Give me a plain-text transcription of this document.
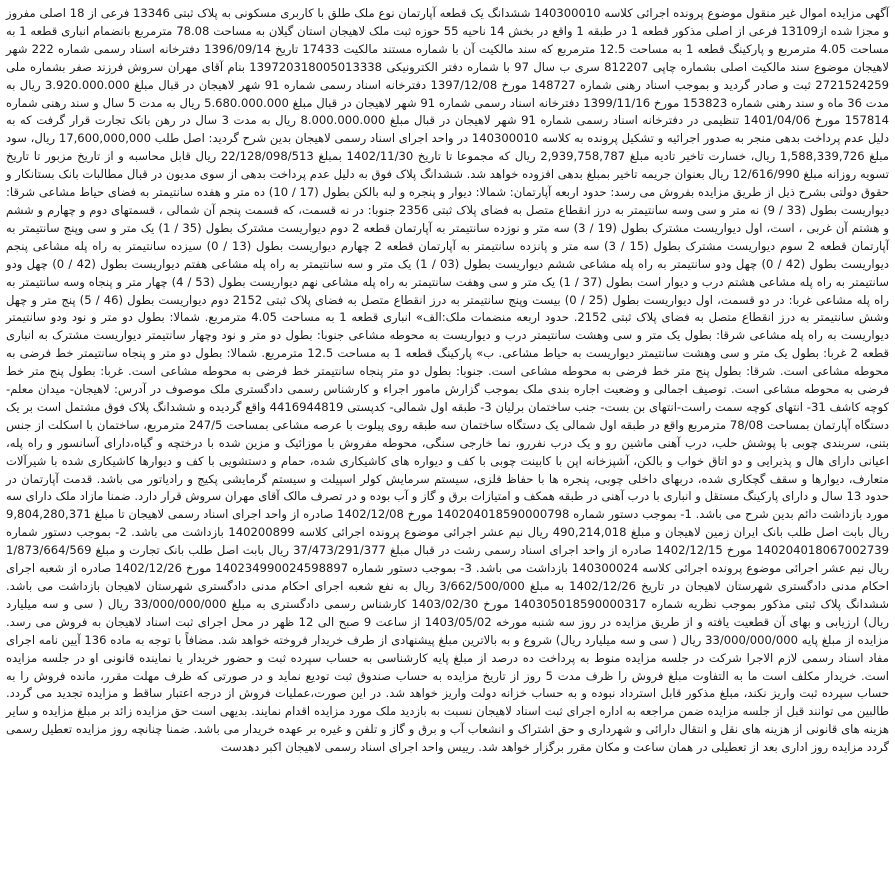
آگهی مزایده اموال غیر منقول موضوع پرونده اجرائی کلاسه 140300010 ششدانگ یک قطعه آپارتمان نوع ملک طلق با کاربری مسکونی به پلاک ثبتی 13346 فرعی از 18 اصلی مفروز و مجزا شده از13109 فرعی از اصلی مذکور قطعه 1 در طبقه 1 واقع در بخش 14 ناحیه 55 حوزه ثبت ملک لاهیجان استان گیلان به مساحت 78.08 مترمربع بانضمام انباری قطعه 1 به مساحت 4.05 مترمربع و پارکینگ قطعه 1 به مساحت 12.5 مترمربع که سند مالکیت آن با شماره مستند مالکیت 17433 تاریخ 1396/09/14 دفترخانه اسناد رسمی شماره 222 شهر لاهیجان موضوع سند مالکیت اصلی بشماره چاپی 812207 سری ب سال 97 با شماره دفتر الکترونیکی 139720318005013338 بنام آقای مهران سروش فرزند صفر بشماره ملی 2721524259 ثبت و صادر گردید و بموجب اسناد رهنی شماره 148727 مورخ 1397/12/08 دفترخانه اسناد رسمی شماره 91 شهر لاهیجان در قبال مبلغ 3.920.000.000 ریال به مدت 36 ماه و سند رهنی شماره 153823 مورخ 1399/11/16 دفترخانه اسناد رسمی شماره 91 شهر لاهیجان در قبال مبلغ 5.680.000.000 ریال به مدت 5 سال و سند رهنی شماره 157814 مورخ 1401/04/06 تنظیمی در دفترخانه اسناد رسمی شماره 91 شهر لاهیجان در قبال مبلغ 8.000.000.000 ریال به مدت 3 سال در رهن بانک تجارت قرار گرفت که به دلیل عدم پرداخت بدهی منجر به صدور اجرائیه و تشکیل پرونده به کلاسه 140300010 در واحد اجرای اسناد رسمی لاهیجان بدین شرح گردید: اصل طلب 17,600,000,000 ریال، سود مبلغ 1,588,339,726 ریال، خسارت تاخیر تادیه مبلغ 2,939,758,787 ریال که مجموعا تا تاریخ 1402/11/30 بمبلغ 22/128/098/513 ریال قابل محاسبه و از تاریخ مزبور تا تاریخ تسویه روزانه مبلغ 12/616/990 ریال بعنوان جریمه تاخیر بمبلغ بدهی افزوده خواهد شد. ششدانگ پلاک فوق به دلیل عدم پرداخت بدهی از سوی مدیون در قبال مطالبات بانک بستانکار و حقوق دولتی بشرح ذیل از طریق مزایده بفروش می رسد: حدود اربعه آپارتمان: شمالا: دیوار و پنجره و لبه بالکن بطول (17 / 10) ده متر و هفده سانتیمتر به فضای حیاط مشاعی شرقا: دیواریست بطول (33 / 9) نه متر و سی وسه سانتیمتر به درز انقطاع متصل به فضای پلاک ثبتی 2356 جنوبا: در نه قسمت، که قسمت پنجم آن شمالی ، قسمتهای دوم و چهارم و ششم و هشتم آن غربی ، است، اول دیواریست مشترک بطول (19 / 3) سه متر و نوزده سانتیمتر به آپارتمان قطعه 2 دوم دیواریست مشترک بطول (35 / 1) یک متر و سی وپنج سانتیمتر به آپارتمان قطعه 2 سوم دیواریست مشترک بطول (15 / 3) سه متر و پانزده سانتیمتر به آپارتمان قطعه 2 چهارم دیواریست بطول (13 / 0) سیزده سانتیمتر به راه پله مشاعی پنجم دیواریست بطول (42 / 0) چهل ودو سانتیمتر به راه پله مشاعی ششم دیواریست بطول (03 / 1) یک متر و سه سانتیمتر به راه پله مشاعی هفتم دیواریست بطول (42 / 0) چهل ودو سانتیمتر به راه پله مشاعی هشتم درب و دیوار است بطول (37 / 1) یک متر و سی وهفت سانتیمتر به راه پله مشاعی نهم دیواریست بطول (53 / 4) چهار متر و پنجاه وسه سانتیمتر به راه پله مشاعی غربا: در دو قسمت، اول دیواریست بطول (25 / 0) بیست وپنج سانتیمتر به درز انقطاع متصل به فضای پلاک ثبتی 2152 دوم دیواریست بطول (46 / 5) پنج متر و چهل وشش سانتیمتر به درز انقطاع متصل به فضای پلاک ثبتی 2152. حدود اربعه منضمات ملک:الف» انباری قطعه 1 به مساحت 4.05 مترمربع. شمالا: بطول دو متر و نود ودو سانتیمتر دیواریست به راه پله مشاعی شرقا: بطول یک متر و سی وهشت سانتیمتر درب و دیواریست به محوطه مشاعی جنوبا: بطول دو متر و نود وچهار سانتیمتر دیواریست مشترک به انباری قطعه 2 غربا: بطول یک متر و سی وهشت سانتیمتر دیواریست به حیاط مشاعی. ب» پارکینگ قطعه 1 به مساحت 12.5 مترمربع. شمالا: بطول دو متر و پنجاه سانتیمتر خط فرضی به محوطه مشاعی است. شرقا: بطول پنج متر خط فرضی به محوطه مشاعی است. جنوبا: بطول دو متر پنجاه سانتیمتر خط فرضی به محوطه مشاعی است. غربا: بطول پنج متر خط فرضی به محوطه مشاعی است. توصیف اجمالی و وضعیت اجاره بندی ملک بموجب گزارش مامور اجراء و کارشناس رسمی دادگستری ملک موصوف در آدرس: لاهیجان- میدان معلم- کوچه کاشف 31- انتهای کوچه سمت راست-انتهای بن بست- جنب ساختمان برلیان 3- طبقه اول شمالی- کدپستی 4416944819 واقع گردیده و ششدانگ پلاک فوق مشتمل است بر یک دستگاه آپارتمان بمساحت 78/08 مترمربع واقع در طبقه اول شمالی یک دستگاه ساختمان سه طبقه روی پیلوت با عرصه مشاعی بمساحت 247/5 مترمربع، ساختمان با اسکلت از جنس بتنی، سربندی چوبی با پوشش حلب، درب آهنی ماشین رو و یک درب نفررو، نما خارجی سنگی، محوطه مفروش با موزائیک و مزین شده با درختچه و گیاه،دارای آسانسور و راه پله، اعیانی دارای هال و پذیرایی و دو اتاق خواب و بالکن، آشپزخانه اپن با کابینت چوبی با کف و دیواره های کاشیکاری شده، حمام و دستشویی با کف و دیوارها کاشیکاری شده با شیرآلات متعارف، دیوارها و سقف گچکاری شده، دربهای داخلی چوبی، پنجره ها با حفاظ فلزی، سیستم سرمایش کولر اسپیلت و سیستم گرمایشی پکیج و رادیاتور می باشد. قدمت آپارتمان در حدود 13 سال و دارای پارکینگ مستقل و انباری با درب آهنی در طبقه همکف و امتیازات برق و گاز و آب بوده و در تصرف مالک آقای مهران سروش قرار دارد. ضمنا مازاد ملک دارای سه مورد بازداشت دائم بدین شرح می باشد. 1- بموجب دستور شماره 140204018590000798 مورخ 1402/12/08 صادره از واحد اجرای اسناد رسمی لاهیجان تا مبلغ 9,804,280,371 ریال بابت اصل طلب بانک ایران زمین لاهیجان و مبلغ 490,214,018 ریال نیم عشر اجرائی موضوع پرونده اجرائی کلاسه 140200899 بازداشت می باشد. 2- بموجب دستور شماره 140204018067002739 مورخ 1402/12/15 صادره از واحد اجرای اسناد رسمی رشت در قبال مبلغ 37/473/291/377 ریال بابت اصل طلب بانک تجارت و مبلغ 1/873/664/569 ریال نیم عشر اجرائی موضوع پرونده اجرائی کلاسه 140300024 بازداشت می باشد. 3- بموجب دستور شماره 140234990024598897 مورخ 1402/12/26 صادره از شعبه اجرای احکام مدنی دادگستری شهرستان لاهیجان در تاریخ 1402/12/26 به مبلغ 3/662/500/000 ریال به نفع شعبه اجرای احکام مدنی دادگستری شهرستان لاهیجان بازداشت می باشد. ششدانگ پلاک ثبتی مذکور بموجب نظریه شماره 140305018590000317 مورخ 1403/02/30 کارشناس رسمی دادگستری به مبلغ 33/000/000/000 ریال ( سی و سه میلیارد ریال) ارزیابی و بهای آن قطعیت یافته و از طریق مزایده در روز سه شنبه مورخه 1403/05/02 از ساعت 9 صبح الی 12 ظهر در محل اجرای ثبت اسناد لاهیجان به فروش می رسد. مزایده از مبلغ پایه 33/000/000/000 ریال ( سی و سه میلیارد ریال) شروع و به بالاترین مبلغ پیشنهادی از طرف خریدار فروخته خواهد شد. مضافاً با توجه به ماده 136 آیین نامه اجرای مفاد اسناد رسمی لازم الاجرا شرکت در جلسه مزایده منوط به پرداخت ده درصد از مبلغ پایه کارشناسی به حساب سپرده ثبت و حضور خریدار یا نماینده قانونی او در جلسه مزایده است. خریدار مکلف است ما به التفاوت مبلغ فروش را ظرف مدت 5 روز از تاریخ مزایده به حساب صندوق ثبت تودیع نماید و در صورتی که ظرف مهلت مقرر، مانده فروش را به حساب سپرده ثبت واریز نکند، مبلغ مذکور قابل استرداد نبوده و به حساب خزانه دولت واریز خواهد شد. در این صورت،عملیات فروش از درجه اعتبار ساقط و مزایده تجدید می گردد. طالبین می توانند قبل از جلسه مزایده ضمن مراجعه به اداره اجرای ثبت اسناد لاهیجان نسبت به بازدید ملک مورد مزایده اقدام نمایند. بدیهی است حق مزایده زائد بر مبلغ مزایده و سایر هزینه های قانونی از هزینه های نقل و انتقال دارائی و شهرداری و حق اشتراک و انشعاب آب و برق و گاز و تلفن و غیره بر عهده خریدار می باشد. ضمنا چنانچه روز مزایده تعطیل رسمی گردد مزایده روز اداری بعد از تعطیلی در همان ساعت و مکان مقرر برگزار خواهد شد. رییس واحد اجرای اسناد رسمی لاهیجان اکبر دهدست
